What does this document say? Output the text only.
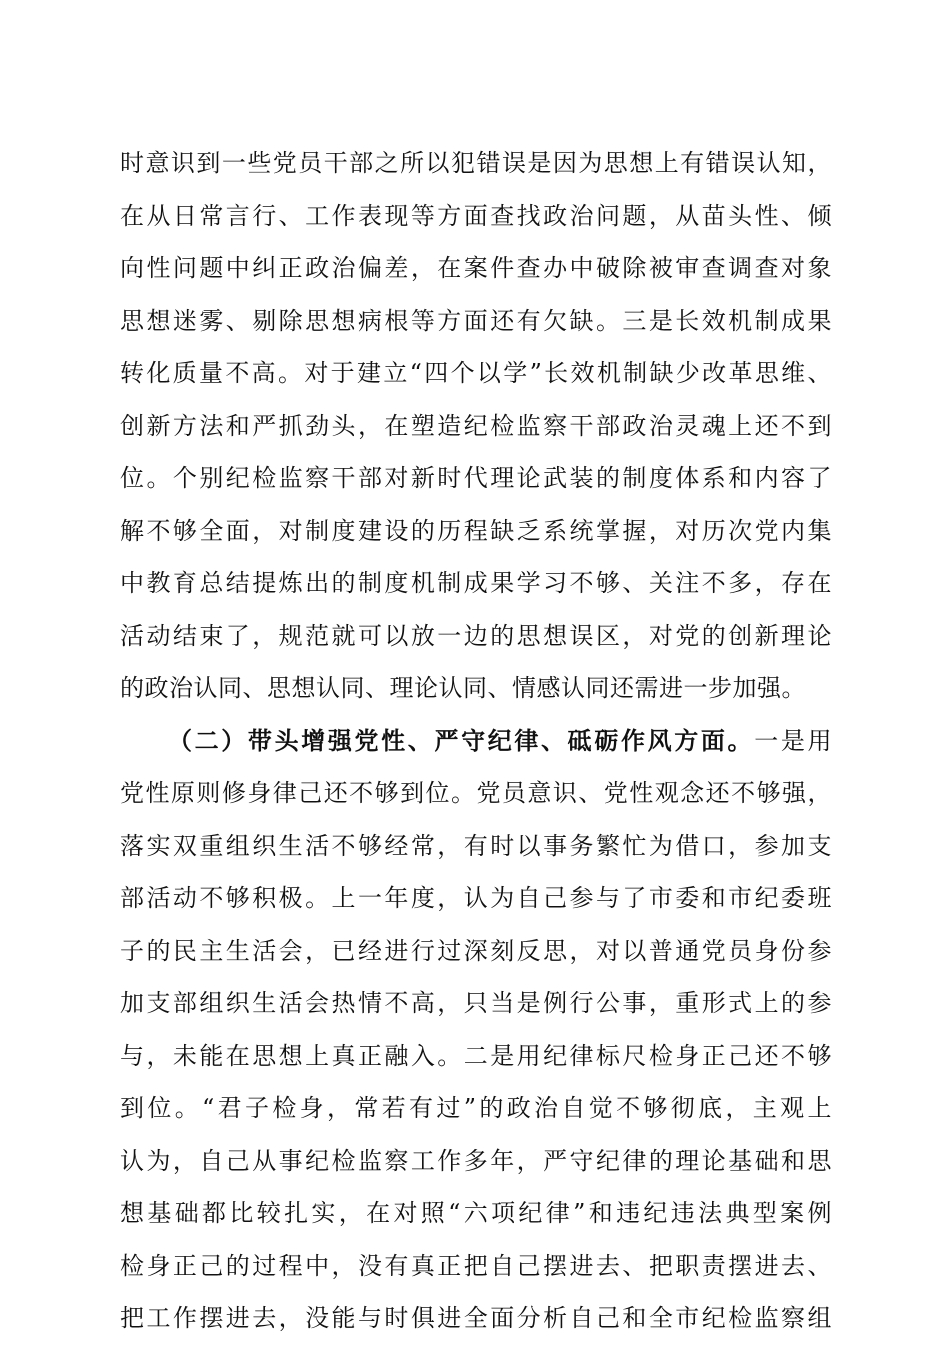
时意识到一些党员干部之所以犯错误是因为思想上有错误认知，
在从日常言行、工作表现等方面查找政治问题，从苗头性、倾
向性问题中纠正政治偏差，在案件查办中破除被审查调查对象
思想迷雾、剔除思想病根等方面还有欠缺。三是长效机制成果
转化质量不高。对于建立“四个以学”长效机制缺少改革思维、
创新方法和严抓劲头，在塑造纪检监察干部政治灵魂上还不到
位。个别纪检监察干部对新时代理论武装的制度体系和内容了
解不够全面，对制度建设的历程缺乏系统掌握，对历次党内集
中教育总结提炼出的制度机制成果学习不够、关注不多，存在
活动结束了，规范就可以放一边的思想误区，对党的创新理论
的政治认同、思想认同、理论认同、情感认同还需进一步加强。
（二）带头增强党性、严守纪律、砥砺作风方面。一是用
党性原则修身律己还不够到位。党员意识、党性观念还不够强，
落实双重组织生活不够经常，有时以事务繁忙为借口，参加支
部活动不够积极。上一年度，认为自己参与了市委和市纪委班
子的民主生活会，已经进行过深刻反思，对以普通党员身份参
加支部组织生活会热情不高，只当是例行公事，重形式上的参
与，未能在思想上真正融入。二是用纪律标尺检身正己还不够
到位。“君子检身，常若有过”的政治自觉不够彻底，主观上
认为，自己从事纪检监察工作多年，严守纪律的理论基础和思
想基础都比较扎实，在对照“六项纪律”和违纪违法典型案例
检身正己的过程中，没有真正把自己摆进去、把职责摆进去、
把工作摆进去，没能与时俱进全面分析自己和全市纪检监察组
